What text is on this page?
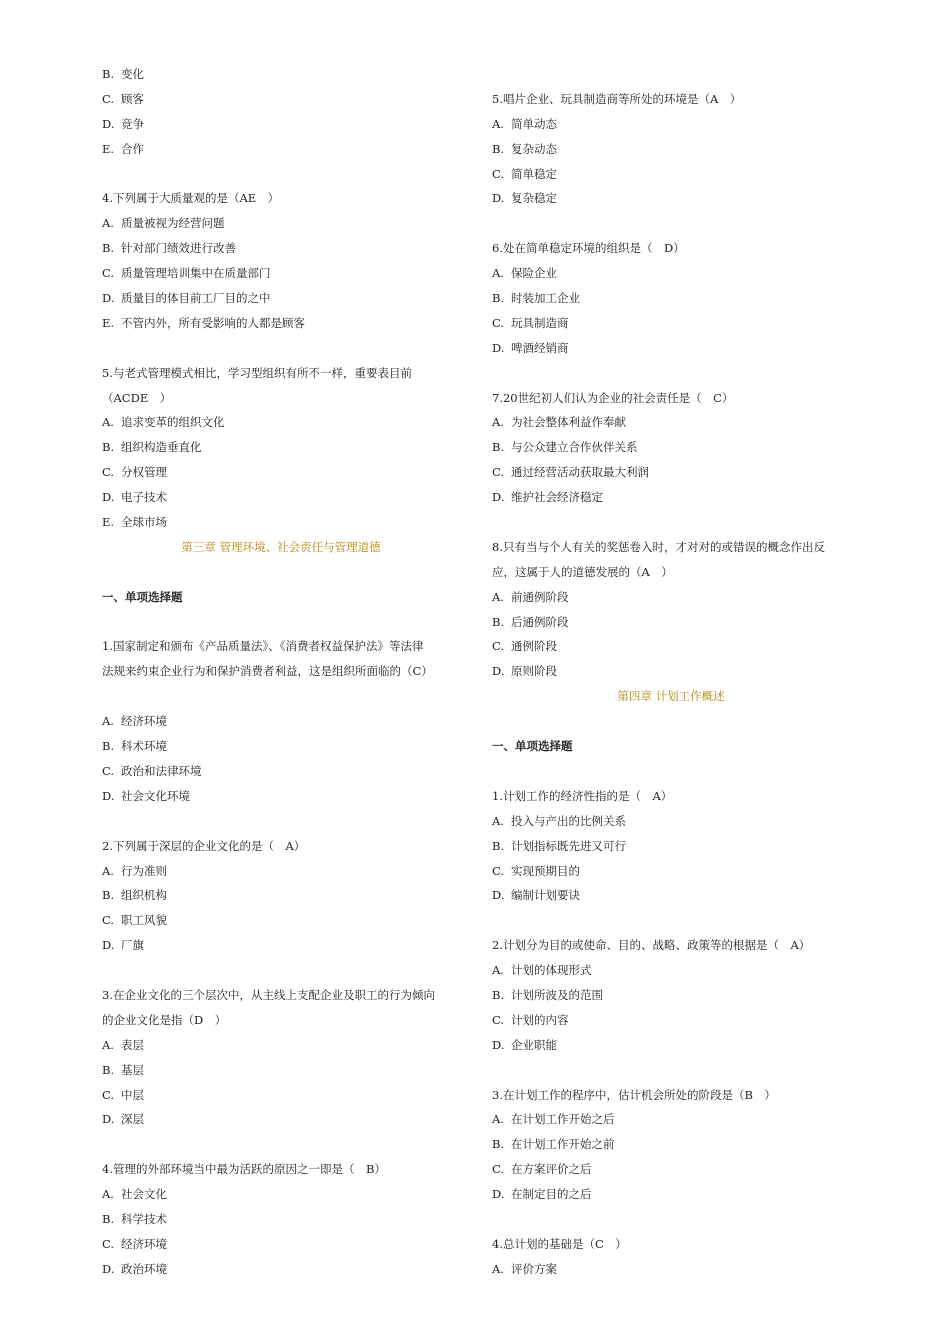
B. 变化
C. 顾客
D. 竞争
E. 合作
4.下列属于大质量观的是（AE　）
A. 质量被视为经营问题
B. 针对部门绩效进行改善
C. 质量管理培训集中在质量部门
D. 质量目的体目前工厂目的之中
E. 不管内外，所有受影响的人都是顾客
5.与老式管理模式相比，学习型组织有所不一样，重要表目前
（ACDE　）
A. 追求变革的组织文化
B. 组织构造垂直化
C. 分权管理
D. 电子技术
E. 全球市场
第三章 管理环境、社会责任与管理道德
一、单项选择题
1.国家制定和颁布《产品质量法》、《消费者权益保护法》等法律
法规来约束企业行为和保护消费者利益，这是组织所面临的（C）
A. 经济环境
B. 科术环境
C. 政治和法律环境
D. 社会文化环境
2.下列属于深层的企业文化的是（　A）
A. 行为准则
B. 组织机构
C. 职工风貌
D. 厂旗
3.在企业文化的三个层次中，从主线上支配企业及职工的行为倾向
的企业文化是指（D　）
A. 表层
B. 基层
C. 中层
D. 深层
4.管理的外部环境当中最为活跃的原因之一即是（　B）
A. 社会文化
B. 科学技术
C. 经济环境
D. 政治环境
5.唱片企业、玩具制造商等所处的环境是（A　）
A. 简单动态
B. 复杂动态
C. 简单稳定
D. 复杂稳定
6.处在简单稳定环境的组织是（　D）
A. 保险企业
B. 时装加工企业
C. 玩具制造商
D. 啤酒经销商
7.20世纪初人们认为企业的社会责任是（　C）
A. 为社会整体利益作奉献
B. 与公众建立合作伙伴关系
C. 通过经营活动获取最大利润
D. 维护社会经济稳定
8.只有当与个人有关的奖惩卷入时，才对对的或错误的概念作出反
应，这属于人的道德发展的（A　）
A. 前通例阶段
B. 后通例阶段
C. 通例阶段
D. 原则阶段
第四章 计划工作概述
一、单项选择题
1.计划工作的经济性指的是（　A）
A. 投入与产出的比例关系
B. 计划指标既先进又可行
C. 实现预期目的
D. 编制计划要诀
2.计划分为目的或使命、目的、战略、政策等的根据是（　A）
A. 计划的体现形式
B. 计划所波及的范围
C. 计划的内容
D. 企业职能
3.在计划工作的程序中，估计机会所处的阶段是（B　）
A. 在计划工作开始之后
B. 在计划工作开始之前
C. 在方案评价之后
D. 在制定目的之后
4.总计划的基础是（C　）
A. 评价方案
